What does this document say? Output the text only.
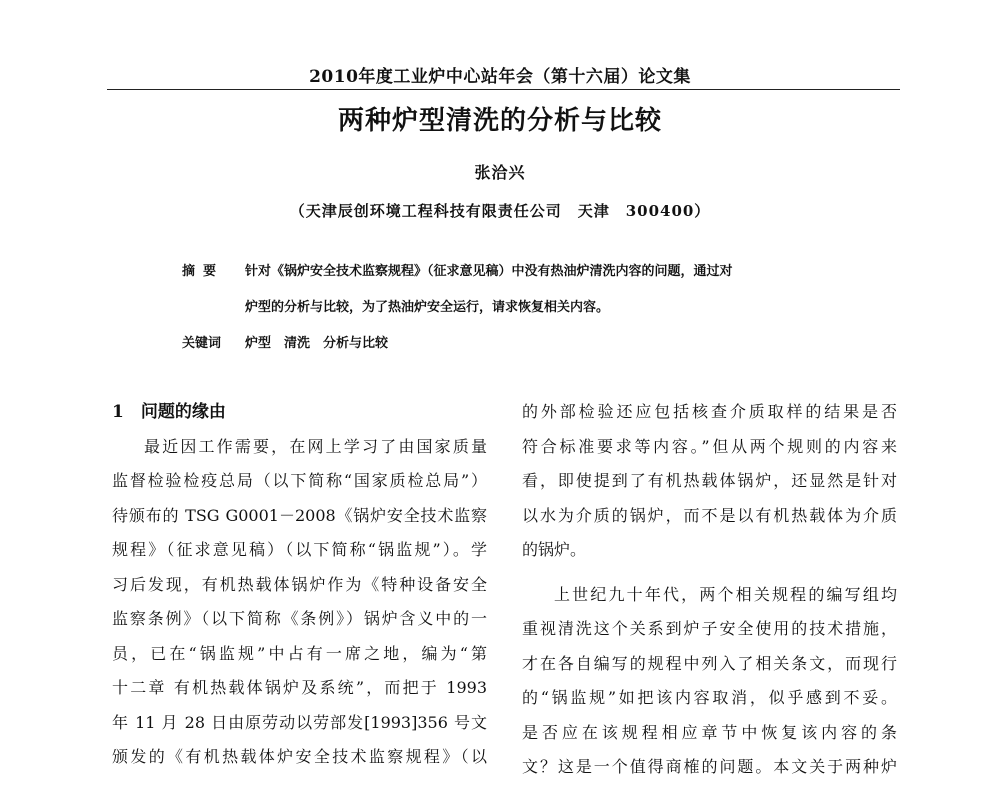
2010年度工业炉中心站年会（第十六届）论文集
两种炉型清洗的分析与比较
张洽兴
（天津辰创环境工程科技有限责任公司　天津　300400）
摘要 针对《锅炉安全技术监察规程》（征求意见稿）中没有热油炉清洗内容的问题，通过对
炉型的分析与比较，为了热油炉安全运行，请求恢复相关内容。
关键词 炉型　清洗　分析与比较
1　问题的缘由
最近因工作需要，在网上学习了由国家质量
监督检验检疫总局（以下简称“国家质检总局”）
待颁布的 TSG G0001－2008《锅炉安全技术监察
规程》（征求意见稿）（以下简称“锅监规”）。学
习后发现，有机热载体锅炉作为《特种设备安全
监察条例》（以下简称《条例》）锅炉含义中的一
员，已在“锅监规”中占有一席之地，编为“第
十二章 有机热载体锅炉及系统”，而把于 1993
年 11 月 28 日由原劳动以劳部发[1993]356 号文
颁发的《有机热载体炉安全技术监察规程》（以
的外部检验还应包括核查介质取样的结果是否
符合标准要求等内容。”但从两个规则的内容来
看，即使提到了有机热载体锅炉，还显然是针对
以水为介质的锅炉，而不是以有机热载体为介质
的锅炉。
上世纪九十年代，两个相关规程的编写组均
重视清洗这个关系到炉子安全使用的技术措施，
才在各自编写的规程中列入了相关条文，而现行
的“锅监规”如把该内容取消，似乎感到不妥。
是否应在该规程相应章节中恢复该内容的条
文？这是一个值得商榷的问题。本文关于两种炉
